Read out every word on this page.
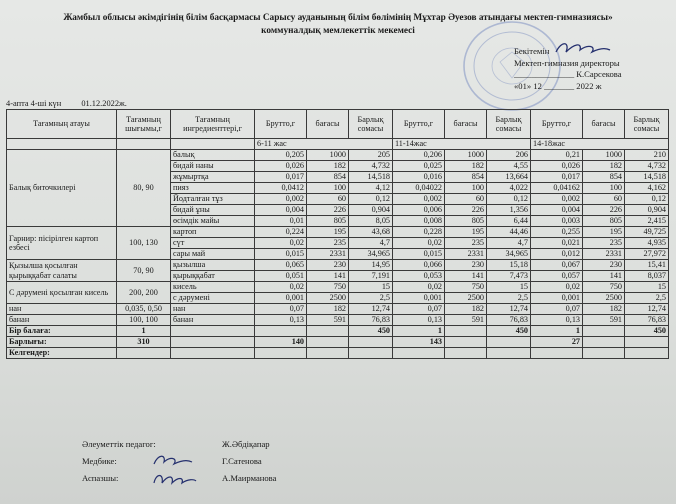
Жамбыл облысы әкімдігінің білім басқармасы Сарысу ауданының білім бөлімінің Мұхтар Әуезов атындағы мектеп-гимназиясы»
коммуналдық мемлекеттік мекемесі
Бекітемін
Мектеп-гимназия директоры
______________ К.Сарсекова
«01» 12 _______ 2022 ж
4-апта 4-ші күн 01.12.2022ж.
Тағамның атауы	Тағамның шығымы,г	Тағамның ингредиенттері,г	Брутто,г	бағасы	Барлық сомасы	Брутто,г	бағасы	Барлық сомасы	Брутто,г	бағасы	Барлық сомасы
			6-11 жас			11-14жас			14-18жас		
Балық биточкилері	80, 90	балық	0,205	1000	205	0,206	1000	206	0,21	1000	210
		бидай наны	0,026	182	4,732	0,025	182	4,55	0,026	182	4,732
		жұмыртқа	0,017	854	14,518	0,016	854	13,664	0,017	854	14,518
		пияз	0,0412	100	4,12	0,04022	100	4,022	0,04162	100	4,162
		Йодталған тұз	0,002	60	0,12	0,002	60	0,12	0,002	60	0,12
		бидай ұны	0,004	226	0,904	0,006	226	1,356	0,004	226	0,904
		өсімдік майы	0,01	805	8,05	0,008	805	6,44	0,003	805	2,415
Гарнир: пісірілген картоп езбесі	100, 130	картоп	0,224	195	43,68	0,228	195	44,46	0,255	195	49,725
		сүт	0,02	235	4,7	0,02	235	4,7	0,021	235	4,935
		сары май	0,015	2331	34,965	0,015	2331	34,965	0,012	2331	27,972
Қызылша қосылған қырыққабат салаты	70, 90	қызылша	0,065	230	14,95	0,066	230	15,18	0,067	230	15,41
		қырыққабат	0,051	141	7,191	0,053	141	7,473	0,057	141	8,037
С дәрумені қосылған кисель	200, 200	кисель	0,02	750	15	0,02	750	15	0,02	750	15
		с дәрумені	0,001	2500	2,5	0,001	2500	2,5	0,001	2500	2,5
нан	0,035, 0,50	нан	0,07	182	12,74	0,07	182	12,74	0,07	182	12,74
банан	100, 100	банан	0,13	591	76,83	0,13	591	76,83	0,13	591	76,83
Бір балаға:	1				450	1		450	1		450
Барлығы:	310		140			143			27		
Келгендер:											
Әлеуметтік педагог:	Ж.Әбдіқапар
Медбике:	Г.Сатенова
Аспазшы:	А.Маирманова
